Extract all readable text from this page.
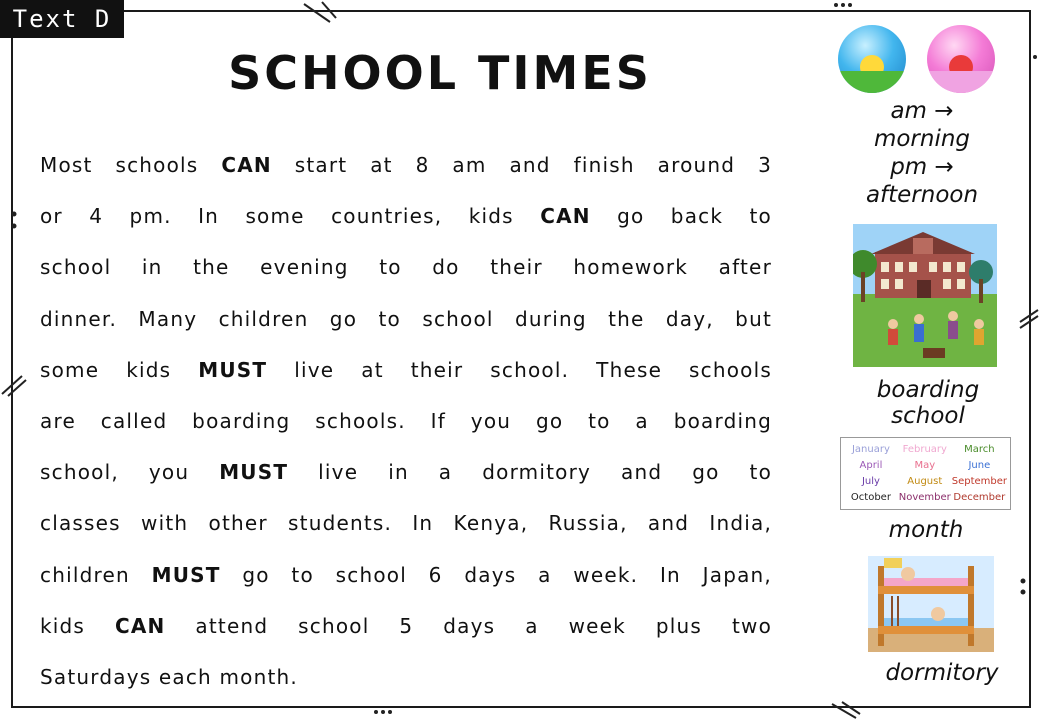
Text D
SCHOOL TIMES
Most schools CAN start at 8 am and finish around 3
or 4 pm. In some countries, kids CAN go back to
school in the evening to do their homework after
dinner. Many children go to school during the day, but
some kids MUST live at their school. These schools
are called boarding schools. If you go to a boarding
school, you MUST live in a dormitory and go to
classes with other students. In Kenya, Russia, and India,
children MUST go to school 6 days a week. In Japan,
kids CAN attend school 5 days a week plus two
Saturdays each month.
am →
morning
pm →
afternoon
boarding
school
January February March
April	May	June
July	August September
October November December
month
dormitory
